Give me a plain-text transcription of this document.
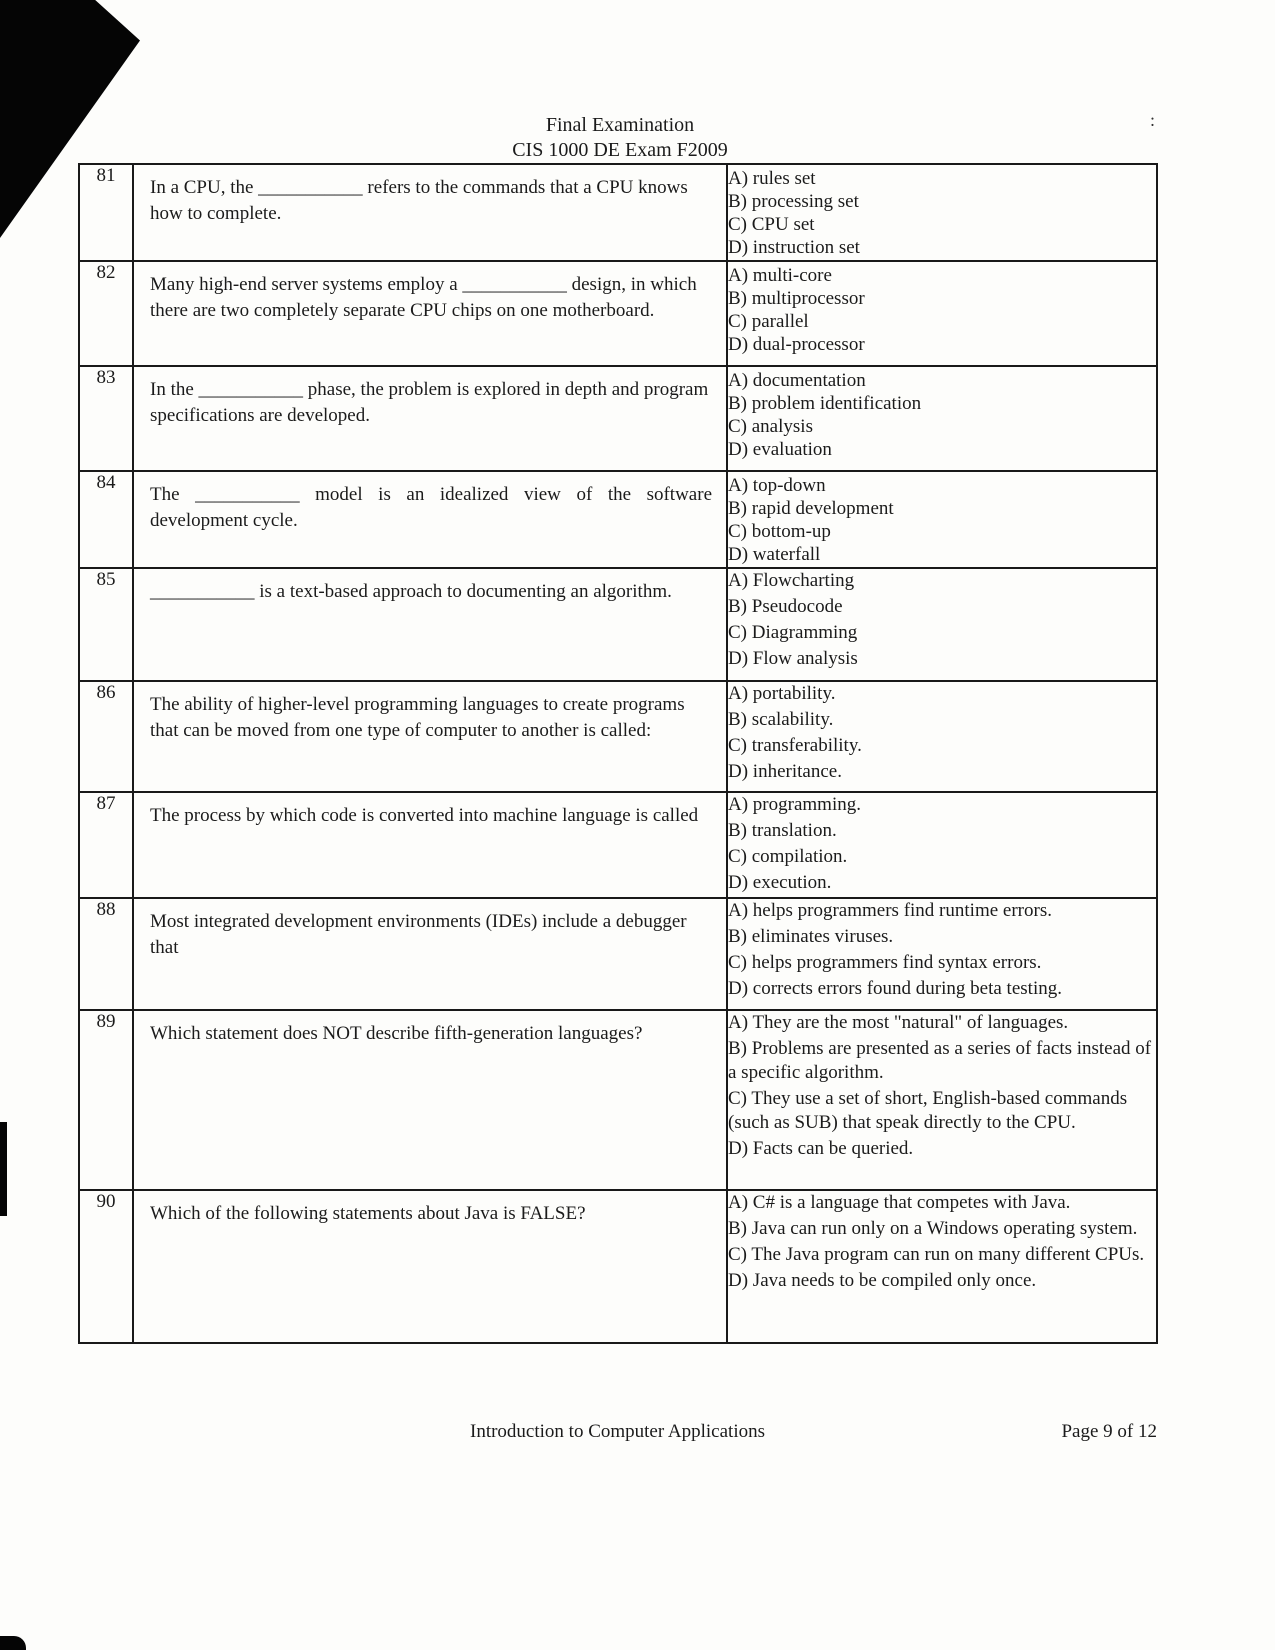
:
Final Examination
CIS 1000 DE Exam F2009
81	In a CPU, the ___________ refers to the commands that a CPU knows how to complete.	A) rules set
B) processing set
C) CPU set
D) instruction set

82	Many high-end server systems employ a ___________ design, in which there are two completely separate CPU chips on one motherboard.	A) multi-core
B) multiprocessor
C) parallel
D) dual-processor

83	In the ___________ phase, the problem is explored in depth and program specifications are developed.	A) documentation
B) problem identification
C) analysis
D) evaluation

84	The ___________ model is an idealized view of the software development cycle.	A) top-down
B) rapid development
C) bottom-up
D) waterfall

85	___________ is a text-based approach to documenting an algorithm.	A) Flowcharting
B) Pseudocode
C) Diagramming
D) Flow analysis

86	The ability of higher-level programming languages to create programs that can be moved from one type of computer to another is called:	A) portability.
B) scalability.
C) transferability.
D) inheritance.

87	The process by which code is converted into machine language is called	A) programming.
B) translation.
C) compilation.
D) execution.

88	Most integrated development environments (IDEs) include a debugger that	A) helps programmers find runtime errors.
B) eliminates viruses.
C) helps programmers find syntax errors.
D) corrects errors found during beta testing.

89	Which statement does NOT describe fifth-generation languages?	A) They are the most "natural" of languages.
B) Problems are presented as a series of facts instead of a specific algorithm.
C) They use a set of short, English-based commands (such as SUB) that speak directly to the CPU.
D) Facts can be queried.

90	Which of the following statements about Java is FALSE?	A) C# is a language that competes with Java.
B) Java can run only on a Windows operating system.
C) The Java program can run on many different CPUs.
D) Java needs to be compiled only once.
Introduction to Computer Applications	Page 9 of 12
